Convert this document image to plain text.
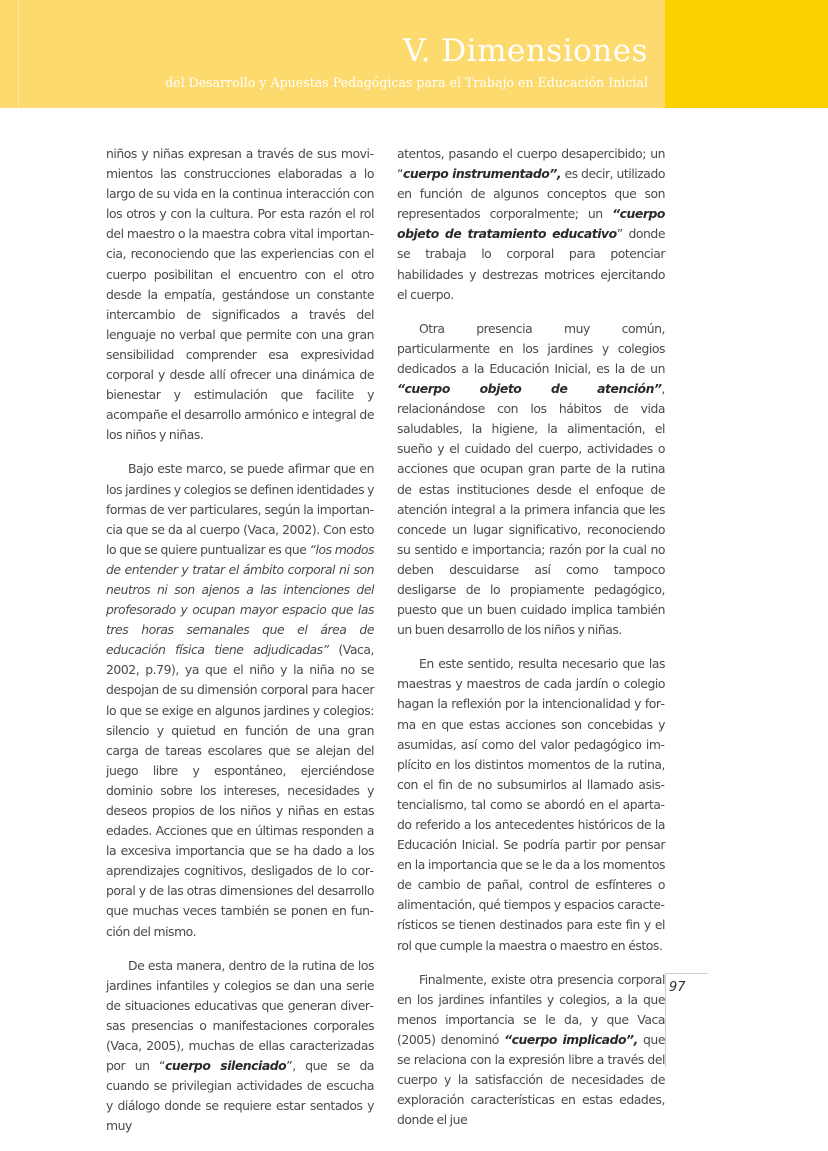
V. Dimensiones
del Desarrollo y Apuestas Pedagógicas para el Trabajo en Educación Inicial

niños y niñas expresan a través de sus movimientos las construcciones elaboradas a lo largo de su vida en la continua interacción con los otros y con la cultura. Por esta razón el rol del maestro o la maestra cobra vital importancia, reconociendo que las experiencias con el cuerpo posibilitan el encuentro con el otro desde la empatía, gestándose un constante intercambio de significados a través del lenguaje no verbal que permite con una gran sensibilidad comprender esa expresividad corporal y desde allí ofrecer una dinámica de bienestar y estimulación que facilite y acompañe el desarrollo armónico e integral de los niños y niñas.

Bajo este marco, se puede afirmar que en los jardines y colegios se definen identidades y formas de ver particulares, según la importancia que se da al cuerpo (Vaca, 2002). Con esto lo que se quiere puntualizar es que “los modos de entender y tratar el ámbito corporal ni son neutros ni son ajenos a las intenciones del profesorado y ocupan mayor espacio que las tres horas semanales que el área de educación física tiene adjudicadas” (Vaca, 2002, p.79), ya que el niño y la niña no se despojan de su dimensión corporal para hacer lo que se exige en algunos jardines y colegios: silencio y quietud en función de una gran carga de tareas escolares que se alejan del juego libre y espontáneo, ejerciéndose dominio sobre los intereses, necesidades y deseos propios de los niños y niñas en estas edades. Acciones que en últimas responden a la excesiva importancia que se ha dado a los aprendizajes cognitivos, desligados de lo corporal y de las otras dimensiones del desarrollo que muchas veces también se ponen en función del mismo.

De esta manera, dentro de la rutina de los jardines infantiles y colegios se dan una serie de situaciones educativas que generan diversas presencias o manifestaciones corporales (Vaca, 2005), muchas de ellas caracterizadas por un “cuerpo silenciado”, que se da cuando se privilegian actividades de escucha y diálogo donde se requiere estar sentados y muy

atentos, pasando el cuerpo desapercibido; un “cuerpo instrumentado”, es decir, utilizado en función de algunos conceptos que son representados corporalmente; un “cuerpo objeto de tratamiento educativo” donde se trabaja lo corporal para potenciar habilidades y destrezas motrices ejercitando el cuerpo.

Otra presencia muy común, particularmente en los jardines y colegios dedicados a la Educación Inicial, es la de un “cuerpo objeto de atención”, relacionándose con los hábitos de vida saludables, la higiene, la alimentación, el sueño y el cuidado del cuerpo, actividades o acciones que ocupan gran parte de la rutina de estas instituciones desde el enfoque de atención integral a la primera infancia que les concede un lugar significativo, reconociendo su sentido e importancia; razón por la cual no deben descuidarse así como tampoco desligarse de lo propiamente pedagógico, puesto que un buen cuidado implica también un buen desarrollo de los niños y niñas.

En este sentido, resulta necesario que las maestras y maestros de cada jardín o colegio hagan la reflexión por la intencionalidad y forma en que estas acciones son concebidas y asumidas, así como del valor pedagógico implícito en los distintos momentos de la rutina, con el fin de no subsumirlos al llamado asistencialismo, tal como se abordó en el apartado referido a los antecedentes históricos de la Educación Inicial. Se podría partir por pensar en la importancia que se le da a los momentos de cambio de pañal, control de esfínteres o alimentación, qué tiempos y espacios característicos se tienen destinados para este fin y el rol que cumple la maestra o maestro en éstos.

Finalmente, existe otra presencia corporal en los jardines infantiles y colegios, a la que menos importancia se le da, y que Vaca (2005) denominó “cuerpo implicado”, que se relaciona con la expresión libre a través del cuerpo y la satisfacción de necesidades de exploración características en estas edades, donde el jue

97
